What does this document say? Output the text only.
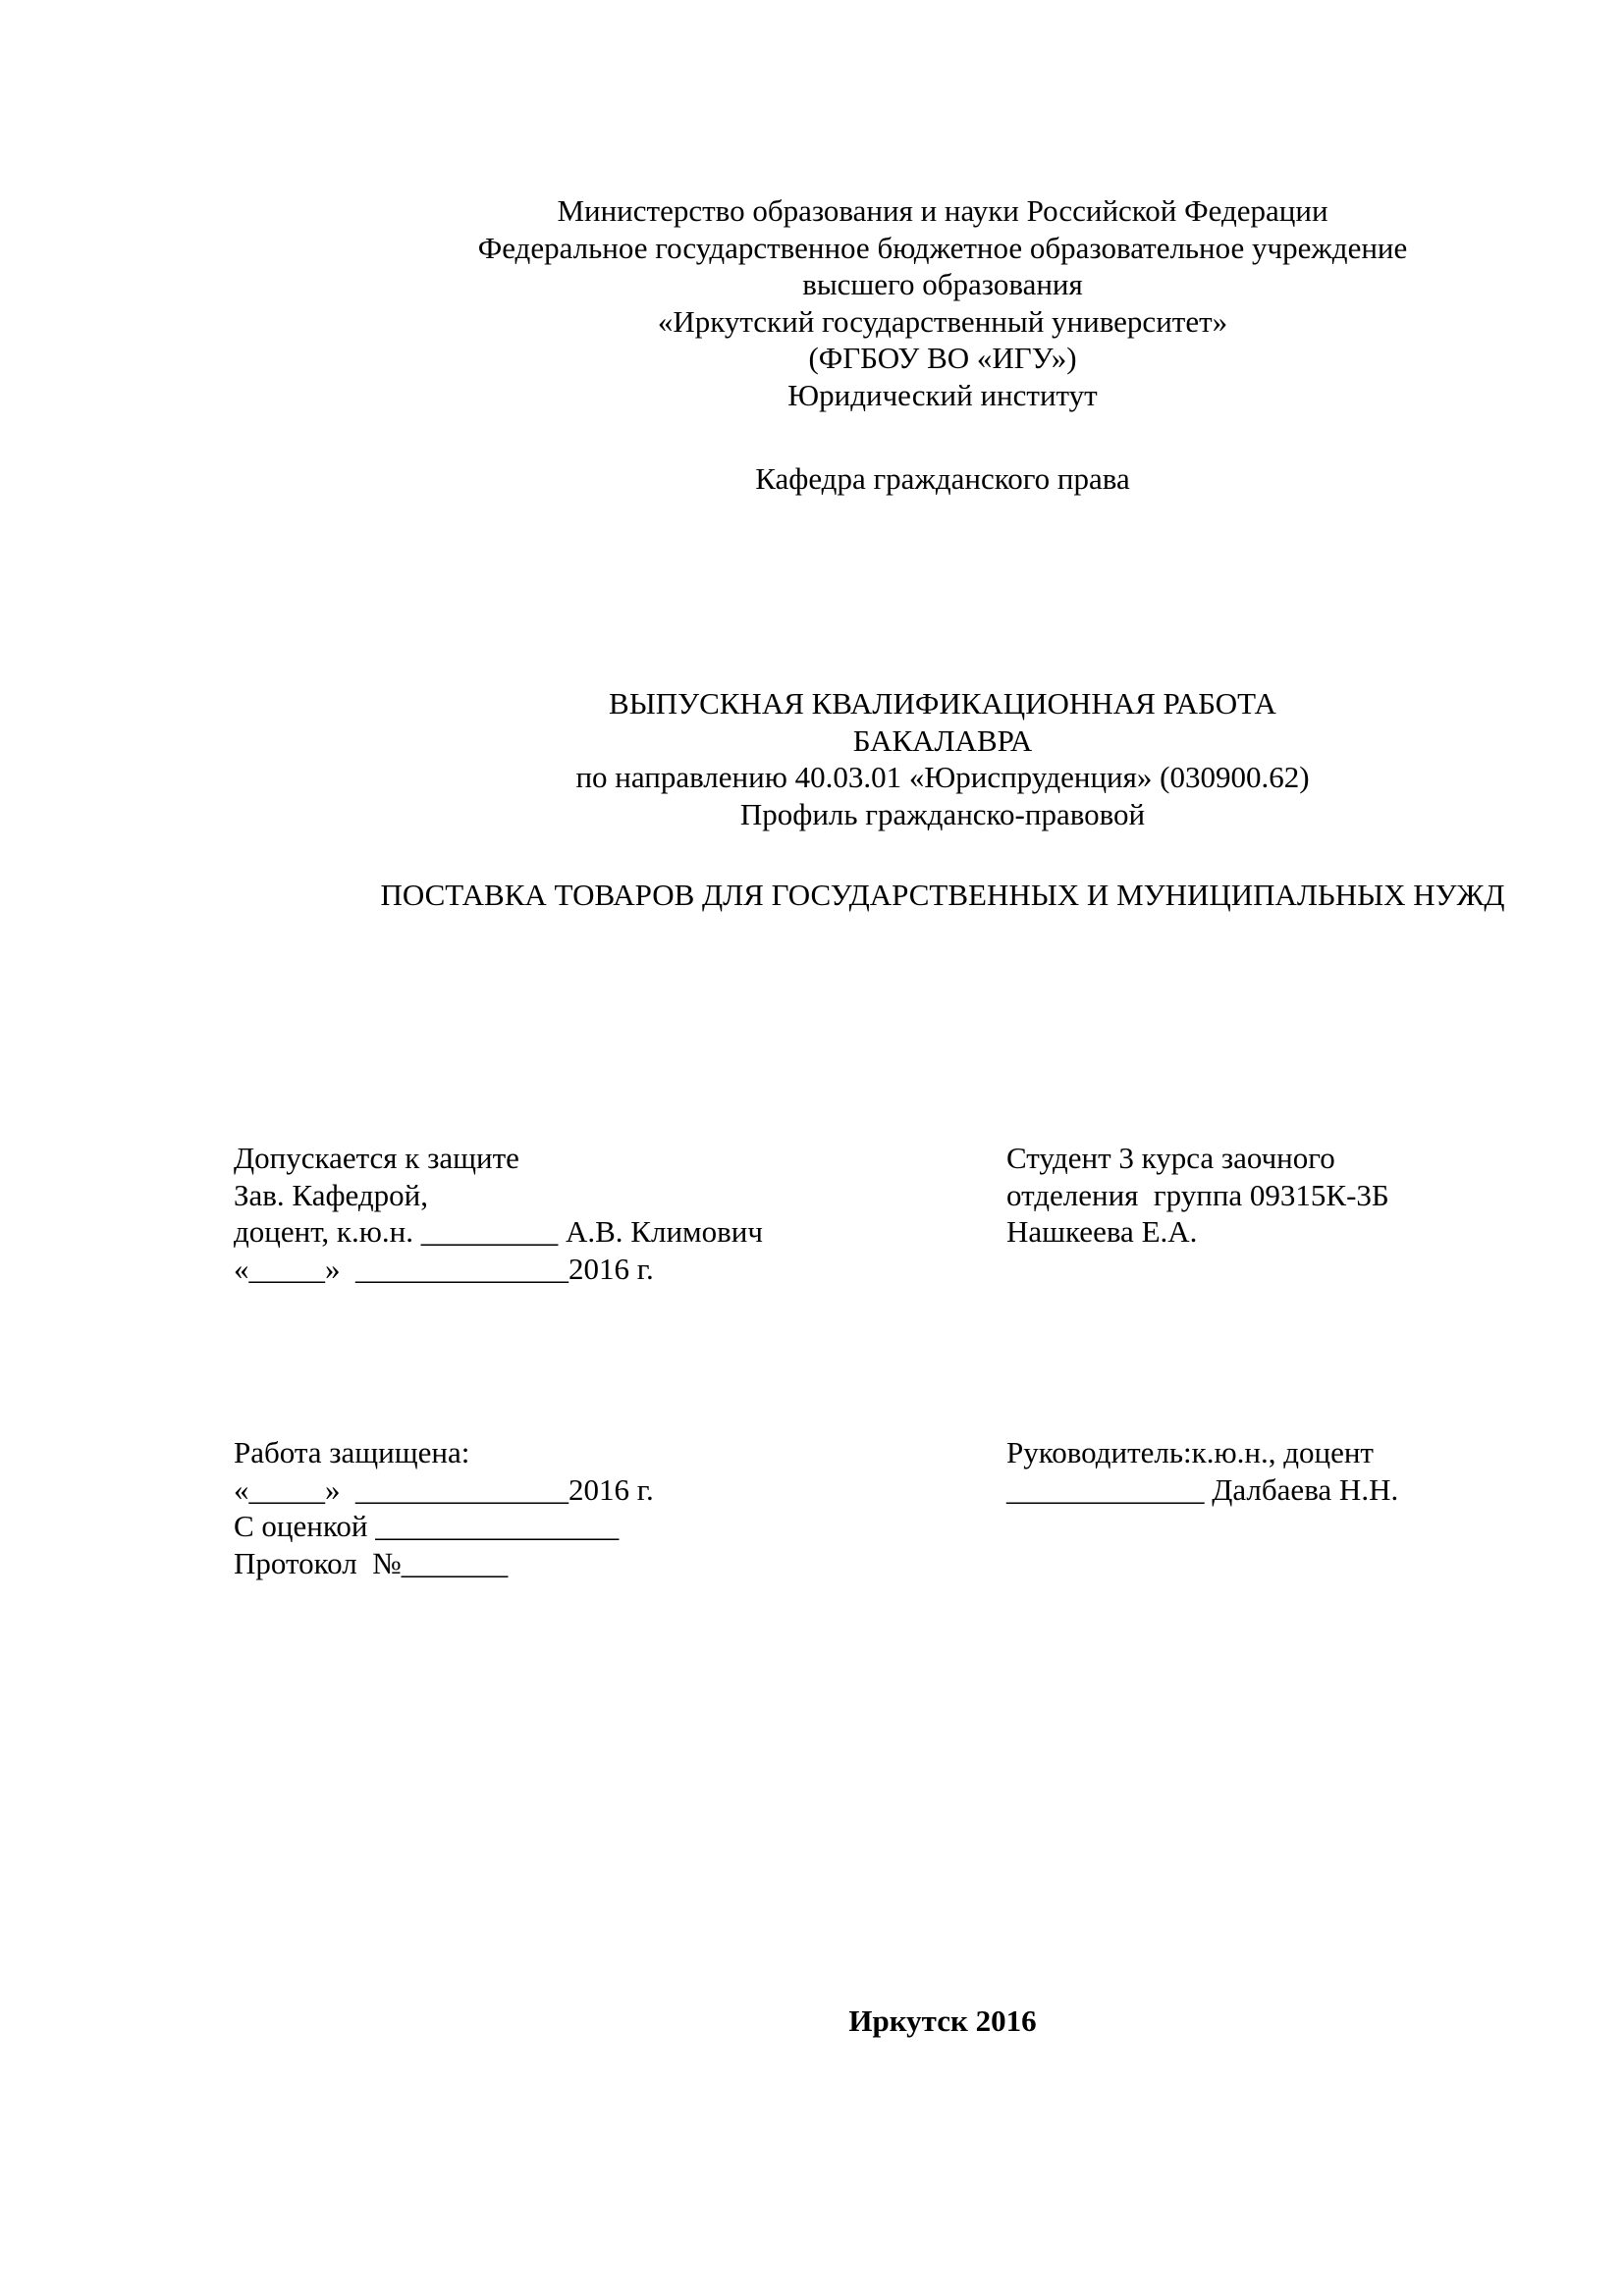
Министерство образования и науки Российской Федерации
Федеральное государственное бюджетное образовательное учреждение
высшего образования
«Иркутский государственный университет»
(ФГБОУ ВО «ИГУ»)
Юридический институт
Кафедра гражданского права
ВЫПУСКНАЯ КВАЛИФИКАЦИОННАЯ РАБОТА
БАКАЛАВРА
по направлению 40.03.01 «Юриспруденция» (030900.62)
Профиль гражданско-правовой
ПОСТАВКА ТОВАРОВ ДЛЯ ГОСУДАРСТВЕННЫХ И МУНИЦИПАЛЬНЫХ НУЖД
Допускается к защите
Зав. Кафедрой,
доцент, к.ю.н. _________ А.В. Климович
«_____»  ______________2016 г.
Студент 3 курса заочного
отделения  группа 09315К-3Б
Нашкеева Е.А.
Работа защищена:
«_____»  ______________2016 г.
С оценкой ________________
Протокол  №_______
Руководитель:к.ю.н., доцент
_____________ Далбаева Н.Н.
Иркутск 2016
